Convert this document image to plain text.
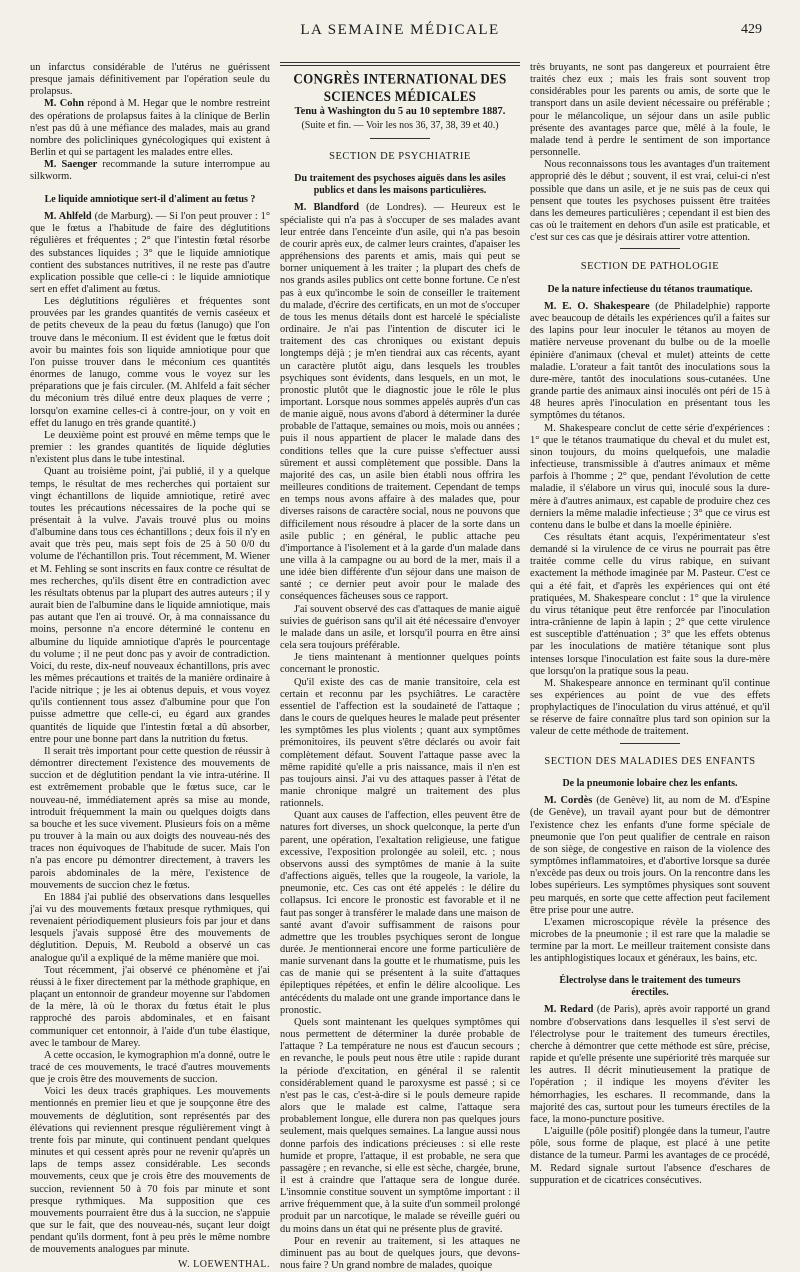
LA SEMAINE MÉDICALE	429

un infarctus considérable de l'utérus ne guérissent presque jamais définitivement par l'opération seule du prolapsus.

M. Cohn répond à M. Hegar que le nombre restreint des opérations de prolapsus faites à la clinique de Berlin n'est pas dû à une méfiance des malades, mais au grand nombre des policliniques gynécologiques qui existent à Berlin et qui se partagent les malades entre elles.

M. Saenger recommande la suture interrompue au silkworm.

Le liquide amniotique sert-il d'aliment au fœtus ?

M. Ahlfeld (de Marburg). — Si l'on peut prouver : 1° que le fœtus a l'habitude de faire des déglutitions régulières et fréquentes ; 2° que l'intestin fœtal résorbe des substances liquides ; 3° que le liquide amniotique contient des substances nutritives, il ne reste pas d'autre explication possible que celle-ci : le liquide amniotique sert en effet d'aliment au fœtus.

Les déglutitions régulières et fréquentes sont prouvées par les grandes quantités de vernis caséeux et de petits cheveux de la peau du fœtus (lanugo) que l'on trouve dans le méconium. Il est évident que le fœtus doit avoir bu maintes fois son liquide amniotique pour que l'on puisse trouver dans le méconium ces quantités énormes de lanugo, comme vous le voyez sur les préparations que je fais circuler. (M. Ahlfeld a fait sécher du méconium très dilué entre deux plaques de verre ; lorsqu'on examine celles-ci à contre-jour, on y voit en effet du lanugo en très grande quantité.)

Le deuxième point est prouvé en même temps que le premier : les grandes quantités de liquide dégluties n'existent plus dans le tube intestinal.

Quant au troisième point, j'ai publié, il y a quelque temps, le résultat de mes recherches qui portaient sur vingt échantillons de liquide amniotique, retiré avec toutes les précautions nécessaires de la poche qui se présentait à la vulve. J'avais trouvé plus ou moins d'albumine dans tous ces échantillons ; deux fois il n'y en avait que très peu, mais sept fois de 25 à 50 0/0 du volume de l'échantillon pris. Tout récemment, M. Wiener et M. Fehling se sont inscrits en faux contre ce résultat de mes recherches, qu'ils disent être en contradiction avec les résultats obtenus par la plupart des autres auteurs ; il y aurait bien de l'albumine dans le liquide amniotique, mais pas autant que l'en ai trouvé. Or, à ma connaissance du moins, personne n'a encore déterminé le contenu en albumine du liquide amniotique d'après le pourcentage du volume ; il ne peut donc pas y avoir de contradiction. Voici, du reste, dix-neuf nouveaux échantillons, pris avec les mêmes précautions et traités de la manière ordinaire à l'acide nitrique ; je les ai obtenus depuis, et vous voyez qu'ils contiennent tous assez d'albumine pour que l'on puisse admettre que celle-ci, eu égard aux grandes quantités de liquide que l'intestin fœtal a dû absorber, entre pour une bonne part dans la nutrition du fœtus.

Il serait très important pour cette question de réussir à démontrer directement l'existence des mouvements de succion et de déglutition pendant la vie intra-utérine. Il est extrêmement probable que le fœtus suce, car le nouveau-né, immédiatement après sa mise au monde, introduit fréquemment la main ou quelques doigts dans sa bouche et les suce vivement. Plusieurs fois on a même pu trouver à la main ou aux doigts des nouveau-nés des traces non équivoques de l'habitude de sucer. Mais l'on n'a pas encore pu démontrer directement, à travers les parois abdominales de la mère, l'existence de mouvements de succion chez le fœtus.

En 1884 j'ai publié des observations dans lesquelles j'ai vu des mouvements fœtaux presque rythmiques, qui revenaient périodiquement plusieurs fois par jour et dans lesquels j'avais supposé être des mouvements de déglutition. Depuis, M. Reubold a observé un cas analogue qu'il a expliqué de la même manière que moi.

Tout récemment, j'ai observé ce phénomène et j'ai réussi à le fixer directement par la méthode graphique, en plaçant un entonnoir de grandeur moyenne sur l'abdomen de la mère, là où le thorax du fœtus était le plus rapproché des parois abdominales, et en faisant communiquer cet entonnoir, à l'aide d'un tube élastique, avec le tambour de Marey.

A cette occasion, le kymographion m'a donné, outre le tracé de ces mouvements, le tracé d'autres mouvements que je crois être des mouvements de succion.

Voici les deux tracés graphiques. Les mouvements mentionnés en premier lieu et que je soupçonne être des mouvements de déglutition, sont représentés par des élévations qui reviennent presque régulièrement vingt à trente fois par minute, qui continuent pendant quelques minutes et qui cessent après pour ne revenir qu'après un laps de temps assez considérable. Les seconds mouvements, ceux que je crois être des mouvements de succion, reviennent 50 à 70 fois par minute et sont presque rythmiques. Ma supposition que ces mouvements pourraient être dus à la succion, ne s'appuie que sur le fait, que des nouveau-nés, suçant leur doigt pendant qu'ils dorment, font à peu près le même nombre de mouvements analogues par minute.

W. LOEWENTHAL.
CONGRÈS INTERNATIONAL DES SCIENCES MÉDICALES
Tenu à Washington du 5 au 10 septembre 1887.
(Suite et fin. — Voir les nos 36, 37, 38, 39 et 40.)
SECTION DE PSYCHIATRIE
Du traitement des psychoses aiguës dans les asiles publics et dans les maisons particulières.

M. Blandford (de Londres). — Heureux est le spécialiste qui n'a pas à s'occuper de ses malades avant leur entrée dans l'enceinte d'un asile, qui n'a pas besoin de courir après eux, de calmer leurs craintes, d'apaiser les appréhensions des parents et amis, mais qui peut se borner uniquement à les traiter ; la plupart des chefs de nos grands asiles publics ont cette bonne fortune. Ce n'est pas à eux qu'incombe le soin de conseiller le traitement du malade, d'écrire des certificats, en un mot de s'occuper de tous les menus détails dont est harcelé le spécialiste ordinaire. Je n'ai pas l'intention de discuter ici le traitement des cas chroniques ou existant depuis longtemps déjà ; je m'en tiendrai aux cas récents, ayant un caractère plutôt aigu, dans lesquels les troubles psychiques sont évidents, dans lesquels, en un mot, le pronostic plutôt que le diagnostic joue le rôle le plus important. Lorsque nous sommes appelés auprès d'un cas de manie aiguë, nous avons d'abord à déterminer la durée probable de l'attaque, semaines ou mois, mois ou années ; puis il nous appartient de placer le malade dans des conditions telles que la cure puisse s'effectuer aussi sûrement et aussi complètement que possible. Dans la majorité des cas, un asile bien établi nous offrira les meilleures conditions de traitement. Cependant de temps en temps nous avons affaire à des malades que, pour diverses raisons de caractère social, nous ne pouvons que difficilement nous résoudre à placer de la sorte dans un asile public ; en général, le public attache peu d'importance à l'isolement et à la garde d'un malade dans une villa à la campagne ou au bord de la mer, mais il a une idée bien différente d'un séjour dans une maison de santé ; ce dernier peut avoir pour le malade des conséquences fâcheuses sous ce rapport.

J'ai souvent observé des cas d'attaques de manie aiguë suivies de guérison sans qu'il ait été nécessaire d'envoyer le malade dans un asile, et lorsqu'il pourra en être ainsi cela sera toujours préférable.

Je tiens maintenant à mentionner quelques points concernant le pronostic.

Qu'il existe des cas de manie transitoire, cela est certain et reconnu par les psychiâtres. Le caractère essentiel de l'affection est la soudaineté de l'attaque ; dans le cours de quelques heures le malade peut présenter les symptômes les plus violents ; quant aux symptômes prémonitoires, ils peuvent s'être déclarés ou avoir fait complètement défaut. Souvent l'attaque passe avec la même rapidité qu'elle a pris naissance, mais il n'en est pas toujours ainsi. J'ai vu des attaques passer à l'état de manie chronique malgré un traitement des plus rationnels.

Quant aux causes de l'affection, elles peuvent être de natures fort diverses, un shock quelconque, la perte d'un parent, une opération, l'exaltation religieuse, une fatigue excessive, l'exposition prolongée au soleil, etc. ; nous observons aussi des symptômes de manie à la suite d'affections aiguës, telles que la rougeole, la variole, la pneumonie, etc. Ces cas ont été appelés : le délire du collapsus. Ici encore le pronostic est favorable et il ne faut pas songer à transférer le malade dans une maison de santé avant d'avoir suffisamment de raisons pour admettre que les troubles psychiques seront de longue durée. Je mentionnerai encore une forme particulière de manie survenant dans la goutte et le rhumatisme, puis les cas de manie qui se présentent à la suite d'attaques épileptiques répétées, et enfin le délire alcoolique. Les antécédents du malade ont une grande importance dans le pronostic.

Quels sont maintenant les quelques symptômes qui nous permettent de déterminer la durée probable de l'attaque ? La température ne nous est d'aucun secours ; en revanche, le pouls peut nous être utile : rapide durant la période d'excitation, en général il se ralentit considérablement quand le paroxysme est passé ; si ce n'est pas le cas, c'est-à-dire si le pouls demeure rapide alors que le malade est calme, l'attaque sera probablement longue, elle durera non pas quelques jours seulement, mais quelques semaines. La langue aussi nous donne parfois des indications précieuses : si elle reste humide et propre, l'attaque, il est probable, ne sera que passagère ; en revanche, si elle est sèche, chargée, brune, il est à craindre que l'attaque sera de longue durée. L'insomnie constitue souvent un symptôme important : il arrive fréquemment que, à la suite d'un sommeil prolongé produit par un narcotique, le malade se réveille guéri ou du moins dans un état qui ne présente plus de gravité.

Pour en revenir au traitement, si les attaques ne diminuent pas au bout de quelques jours, que devons-nous faire ? Un grand nombre de malades, quoique

très bruyants, ne sont pas dangereux et pourraient être traités chez eux ; mais les frais sont souvent trop considérables pour les parents ou amis, de sorte que le transport dans un asile devient nécessaire ou préférable ; pour le mélancolique, un séjour dans un asile public présente des avantages parce que, mêlé à la foule, le malade tend à perdre le sentiment de son importance personnelle.

Nous reconnaissons tous les avantages d'un traitement approprié dès le début ; souvent, il est vrai, celui-ci n'est possible que dans un asile, et je ne suis pas de ceux qui pensent que toutes les psychoses puissent être traitées dans les demeures particulières ; cependant il est bien des cas où le traitement en dehors d'un asile est praticable, et c'est sur ces cas que je désirais attirer votre attention.

SECTION DE PATHOLOGIE
De la nature infectieuse du tétanos traumatique.

M. E. O. Shakespeare (de Philadelphie) rapporte avec beaucoup de détails les expériences qu'il a faites sur des lapins pour leur inoculer le tétanos au moyen de matière nerveuse provenant du bulbe ou de la moelle épinière d'animaux (cheval et mulet) atteints de cette maladie. L'orateur a fait tantôt des inoculations sous la dure-mère, tantôt des inoculations sous-cutanées. Une grande partie des animaux ainsi inoculés ont péri de 15 à 48 heures après l'inoculation en présentant tous les symptômes du tétanos.

M. Shakespeare conclut de cette série d'expériences : 1° que le tétanos traumatique du cheval et du mulet est, sinon toujours, du moins quelquefois, une maladie infectieuse, transmissible à d'autres animaux et même parfois à l'homme ; 2° que, pendant l'évolution de cette maladie, il s'élabore un virus qui, inoculé sous la dure-mère à d'autres animaux, est capable de produire chez ces derniers la même maladie infectieuse ; 3° que ce virus est contenu dans le bulbe et dans la moelle épinière.

Ces résultats étant acquis, l'expérimentateur s'est demandé si la virulence de ce virus ne pourrait pas être traitée comme celle du virus rabique, en suivant exactement la méthode imaginée par M. Pasteur. C'est ce qui a été fait, et d'après les expériences qui ont été pratiquées, M. Shakespeare conclut : 1° que la virulence du virus tétanique peut être renforcée par l'inoculation intra-crânienne de lapin à lapin ; 2° que cette virulence est susceptible d'atténuation ; 3° que les effets obtenus par les inoculations de matière tétanique sont plus intenses lorsque l'inoculation est faite sous la dure-mère que lorsqu'on la pratique sous la peau.

M. Shakespeare annonce en terminant qu'il continue ses expériences au point de vue des effets prophylactiques de l'inoculation du virus atténué, et qu'il se réserve de faire connaître plus tard son opinion sur la valeur de cette méthode de traitement.

SECTION DES MALADIES DES ENFANTS
De la pneumonie lobaire chez les enfants.

M. Cordès (de Genève) lit, au nom de M. d'Espine (de Genève), un travail ayant pour but de démontrer l'existence chez les enfants d'une forme spéciale de pneumonie que l'on peut qualifier de centrale en raison de son siège, de congestive en raison de la violence des symptômes inflammatoires, et d'abortive lorsque sa durée n'excède pas deux ou trois jours. On la rencontre dans les lobes supérieurs. Les symptômes physiques sont souvent peu marqués, en sorte que cette affection peut facilement être prise pour une autre.

L'examen microscopique révèle la présence des microbes de la pneumonie ; il est rare que la maladie se termine par la mort. Le meilleur traitement consiste dans les antiphlogistiques locaux et généraux, les bains, etc.

Électrolyse dans le traitement des tumeurs érectiles.

M. Redard (de Paris), après avoir rapporté un grand nombre d'observations dans lesquelles il s'est servi de l'électrolyse pour le traitement des tumeurs érectiles, cherche à démontrer que cette méthode est sûre, précise, rapide et qu'elle présente une supériorité très marquée sur les autres. Il décrit minutieusement la pratique de l'opération ; il indique les moyens d'éviter les hémorrhagies, les eschares. Il recommande, dans la majorité des cas, surtout pour les tumeurs érectiles de la face, la mono-puncture positive.

L'aiguille (pôle positif) plongée dans la tumeur, l'autre pôle, sous forme de plaque, est placé à une petite distance de la tumeur. Parmi les avantages de ce procédé, M. Redard signale surtout l'absence d'eschares de suppuration et de cicatrices consécutives.
